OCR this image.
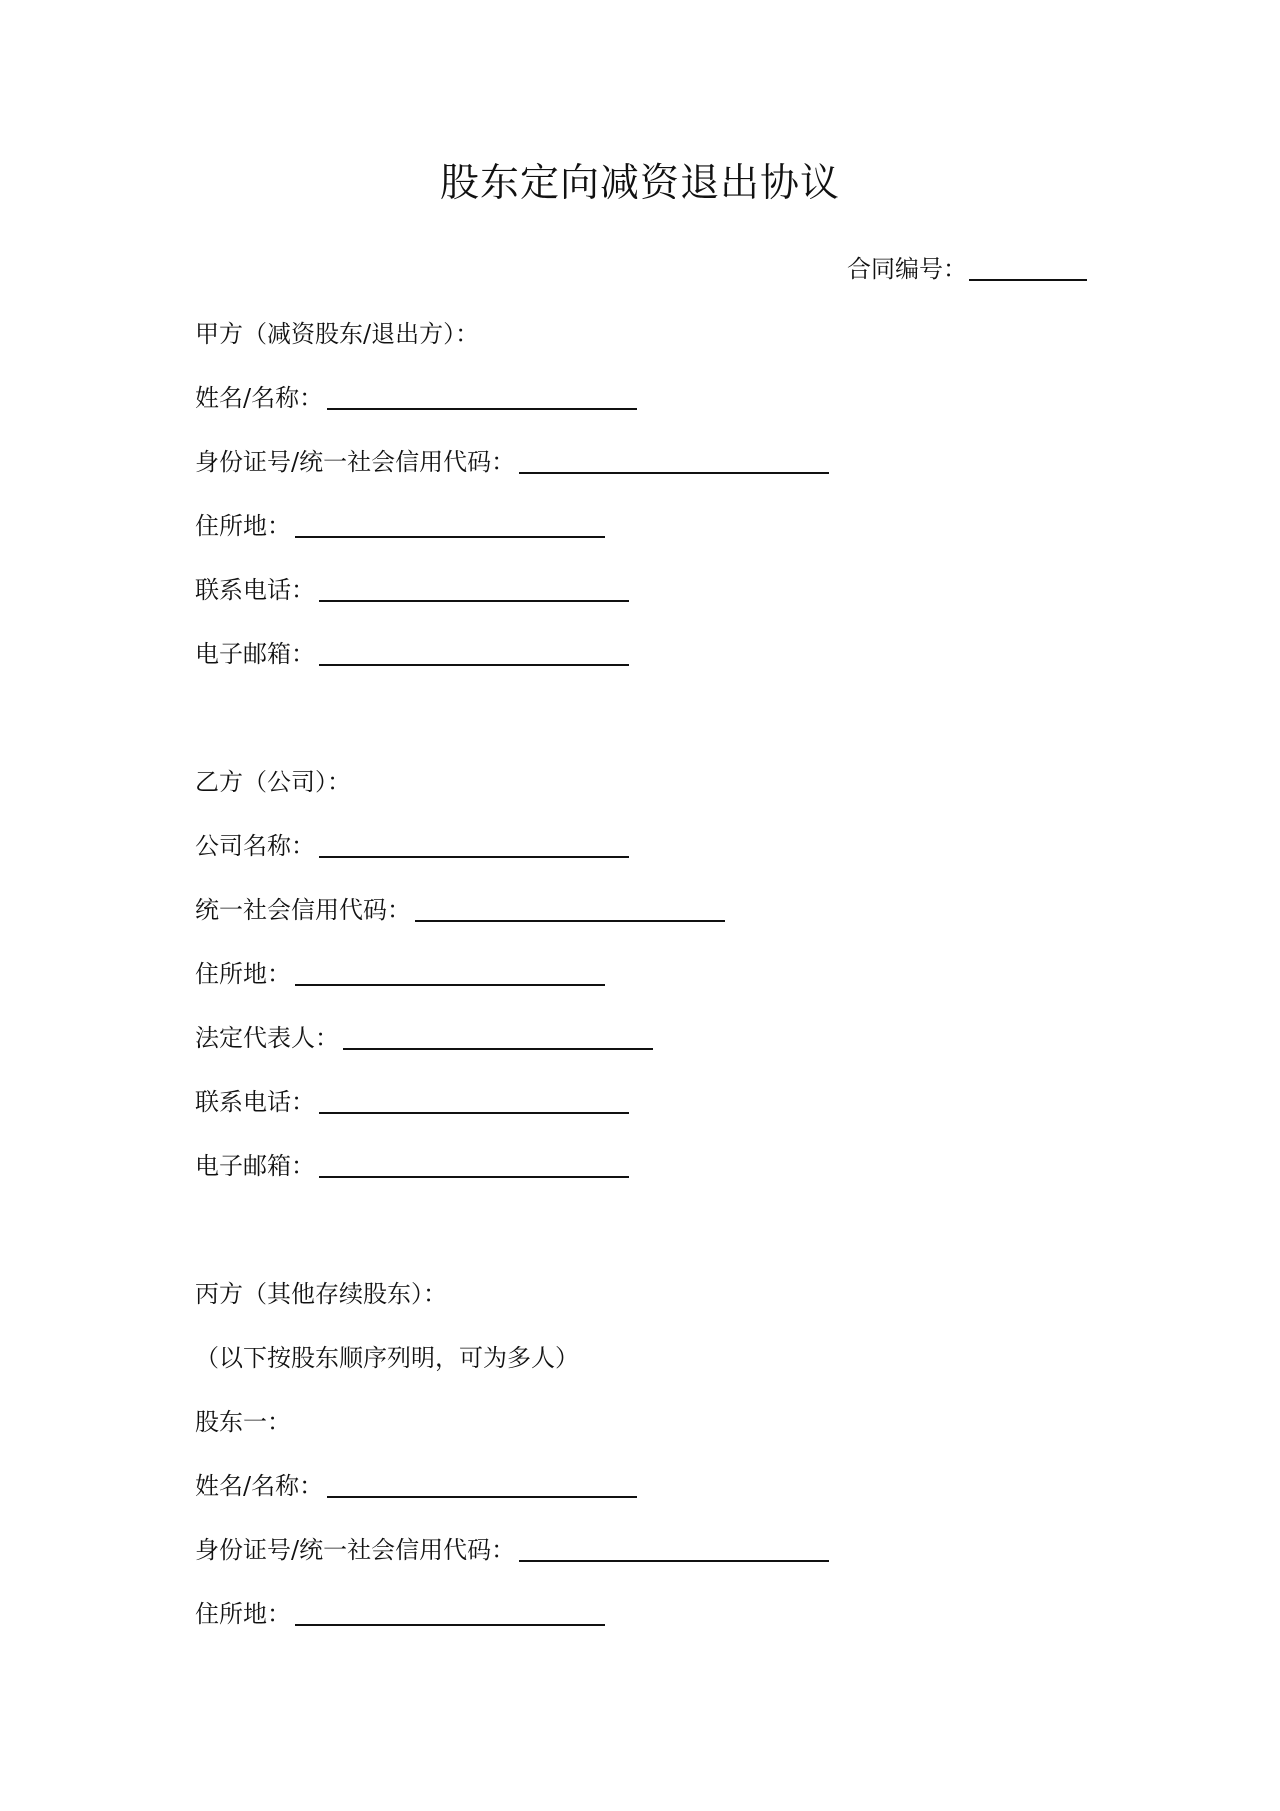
股东定向减资退出协议
合同编号：
甲方（减资股东/退出方）：
姓名/名称：
身份证号/统一社会信用代码：
住所地：
联系电话：
电子邮箱：
乙方（公司）：
公司名称：
统一社会信用代码：
住所地：
法定代表人：
联系电话：
电子邮箱：
丙方（其他存续股东）：
（以下按股东顺序列明，可为多人）
股东一：
姓名/名称：
身份证号/统一社会信用代码：
住所地：
